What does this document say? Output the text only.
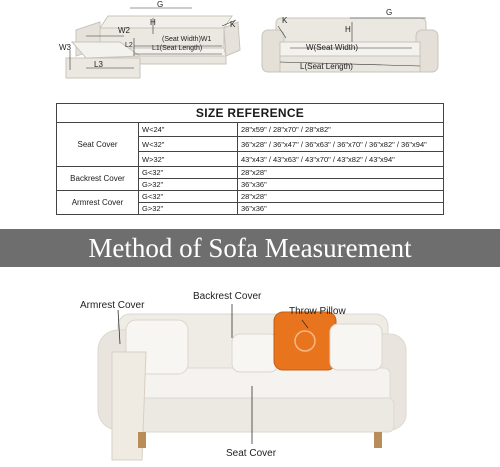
G
W2
H	K
(Seat Width)W1
L2	L1(Seat Length)
W3
L3
K
H
G
W(Seat Width)
L(Seat Length)
SIZE REFERENCE
Seat Cover
W<24"	28"x59" / 28"x70" / 28"x82"
W<32"	36"x28" / 36"x47" / 36"x63" / 36"x70" / 36"x82" / 36"x94"
W>32"	43"x43" / 43"x63" / 43"x70" / 43"x82" / 43"x94"
Backrest Cover
G<32"	28"x28"
G>32"	36"x36"
Armrest Cover
G<32"	28"x28"
G>32"	36"x36"
Method of Sofa Measurement
Armrest Cover
Backrest Cover
Throw Pillow
Seat Cover
